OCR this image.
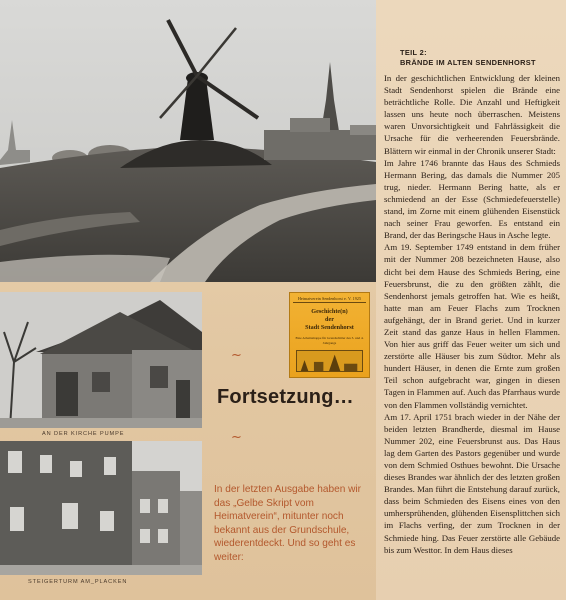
AN DER KIRCHE PUMPE
STEIGERTURM AM_PLACKEN
Heimatverein Sendenhorst e. V. 1925
Geschichte(n)
der
Stadt Sendenhorst
Eine Arbeitsmappe für Grundschüler des 3. und 4. Jahrgangs
~
Fortsetzung…
~
In der letzten Ausgabe haben wir das „Gelbe Skript vom Heimatverein“, mitunter noch bekannt aus der Grundschule, wiederentdeckt. Und so geht es weiter:
TEIL 2:
BRÄNDE IM ALTEN SENDENHORST

In der geschichtlichen Entwicklung der kleinen Stadt Sendenhorst spielen die Brände eine beträchtliche Rolle. Die Anzahl und Heftigkeit lassen uns heute noch überraschen. Meistens waren Unvorsichtigkeit und Fahrlässigkeit die Ursache für die verheerenden Feuersbrände. Blättern wir einmal in der Chronik unserer Stadt:

Im Jahre 1746 brannte das Haus des Schmieds Hermann Bering, das damals die Nummer 205 trug, nieder. Hermann Bering hatte, als er schmiedend an der Esse (Schmiedefeuerstelle) stand, im Zorne mit einem glühenden Eisenstück nach seiner Frau geworfen. Es entstand ein Brand, der das Beringsche Haus in Asche legte.

Am 19. September 1749 entstand in dem früher mit der Nummer 208 bezeichneten Hause, also dicht bei dem Hause des Schmieds Bering, eine Feuersbrunst, die zu den größten zählt, die Sendenhorst jemals getroffen hat. Wie es heißt, hatte man am Feuer Flachs zum Trocknen aufgehängt, der in Brand geriet. Und in kurzer Zeit stand das ganze Haus in hellen Flammen. Von hier aus griff das Feuer weiter um sich und zerstörte alle Häuser bis zum Südtor. Mehr als hundert Häuser, in denen die Ernte zum großen Teil schon aufgebracht war, gingen in diesen Tagen in Flammen auf. Auch das Pfarrhaus wurde von den Flammen vollständig vernichtet.

Am 17. April 1751 brach wieder in der Nähe der beiden letzten Brandherde, diesmal im Hause Nummer 202, eine Feuersbrunst aus. Das Haus lag dem Garten des Pastors gegenüber und wurde von dem Schmied Osthues bewohnt. Die Ursache dieses Brandes war ähnlich der des letzten großen Brandes. Man führt die Entstehung darauf zurück, dass beim Schmieden des Eisens eines von den umhersprühenden, glühenden Eisensplittchen sich im Flachs verfing, der zum Trocknen in der Schmiede hing. Das Feuer zerstörte alle Gebäude bis zum Westtor. In dem Haus dieses
